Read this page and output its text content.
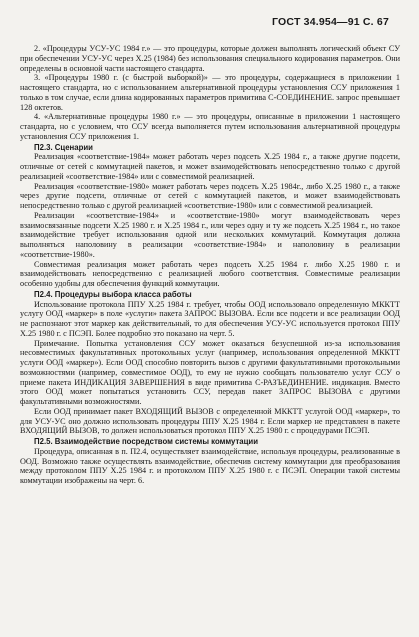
ГОСТ 34.954—91 С. 67

2. «Процедуры УСУ-УС 1984 г.» — это процедуры, которые должен выполнять логический объект СУ при обеспечении УСУ-УС через Х.25 (1984) без использования специального кодирования параметров. Они определены в основной части настоящего стандарта.

3. «Процедуры 1980 г. (с быстрой выборкой)» — это процедуры, содержащиеся в приложении 1 настоящего стандарта, но с использованием альтернативной процедуры установления ССУ приложения 1 только в том случае, если длина кодированных параметров примитива С-СОЕДИНЕНИЕ. запрос превышает 128 октетов.

4. «Альтернативные процедуры 1980 г.» — это процедуры, описанные в приложении 1 настоящего стандарта, но с условием, что ССУ всегда выполняется путем использования альтернативной процедуры установления ССУ приложения 1.

П2.3. Сценарии

Реализация «соответствие-1984» может работать через подсеть Х.25 1984 г., а также другие подсети, отличные от сетей с коммутацией пакетов, и может взаимодействовать непосредственно только с другой реализацией «соответствие-1984» или с совместимой реализацией.

Реализация «соответствие-1980» может работать через подсеть Х.25 1984г., либо Х.25 1980 г., а также через другие подсети, отличные от сетей с коммутацией пакетов, и может взаимодействовать непосредственно только с другой реализацией «соответствие-1980» или с совместимой реализацией.

Реализации «соответствие-1984» и «соответствие-1980» могут взаимодействовать через взаимосвязанные подсети Х.25 1980 г. и Х.25 1984 г., или через одну и ту же подсеть Х.25 1984 г., но такое взаимодействие требует использования одной или нескольких коммутаций. Коммутация должна выполняться наполовину в реализации «соответствие-1984» и наполовину в реализации «соответствие-1980».

Совместимая реализация может работать через подсеть Х.25 1984 г. либо Х.25 1980 г. и взаимодействовать непосредственно с реализацией любого соответствия. Совместимые реализации особенно удобны для обеспечения функций коммутации.

П2.4. Процедуры выбора класса работы

Использование протокола ППУ Х.25 1984 г. требует, чтобы ООД использовало определенную МККТТ услугу ООД «маркер» в поле «услуги» пакета ЗАПРОС ВЫЗОВА. Если все подсети и все реализации ООД не распознают этот маркер как действительный, то для обеспечения УСУ-УС используется протокол ППУ Х.25 1980 г. с ПСЭП. Более подробно это показано на черт. 5.

Примечание. Попытка установления ССУ может оказаться безуспешной из-за использования несовместимых факультативных протокольных услуг (например, использования определенной МККТТ услуги ООД «маркер»). Если ООД способно повторить вызов с другими факультативными протокольными возможностями (например, совместимое ООД), то ему не нужно сообщать пользователю услуг ССУ о приеме пакета ИНДИКАЦИЯ ЗАВЕРШЕНИЯ в виде примитива С-РАЗЪЕДИНЕНИЕ. индикация. Вместо этого ООД может попытаться установить ССУ, передав пакет ЗАПРОС ВЫЗОВА с другими факультативными возможностями.

Если ООД принимает пакет ВХОДЯЩИЙ ВЫЗОВ с определенной МККТТ услугой ООД «маркер», то для УСУ-УС оно должно использовать процедуры ППУ Х.25 1984 г. Если маркер не представлен в пакете ВХОДЯЩИЙ ВЫЗОВ, то должен использоваться протокол ППУ Х.25 1980 г. с процедурами ПСЭП.

П2.5. Взаимодействие посредством системы коммутации

Процедура, описанная в п. П2.4, осуществляет взаимодействие, используя процедуры, реализованные в ООД. Возможно также осуществлять взаимодействие, обеспечив систему коммутации для преобразования между протоколом ППУ Х.25 1984 г. и протоколом ППУ Х.25 1980 г. с ПСЭП. Операции такой системы коммутации изображены на черт. 6.
